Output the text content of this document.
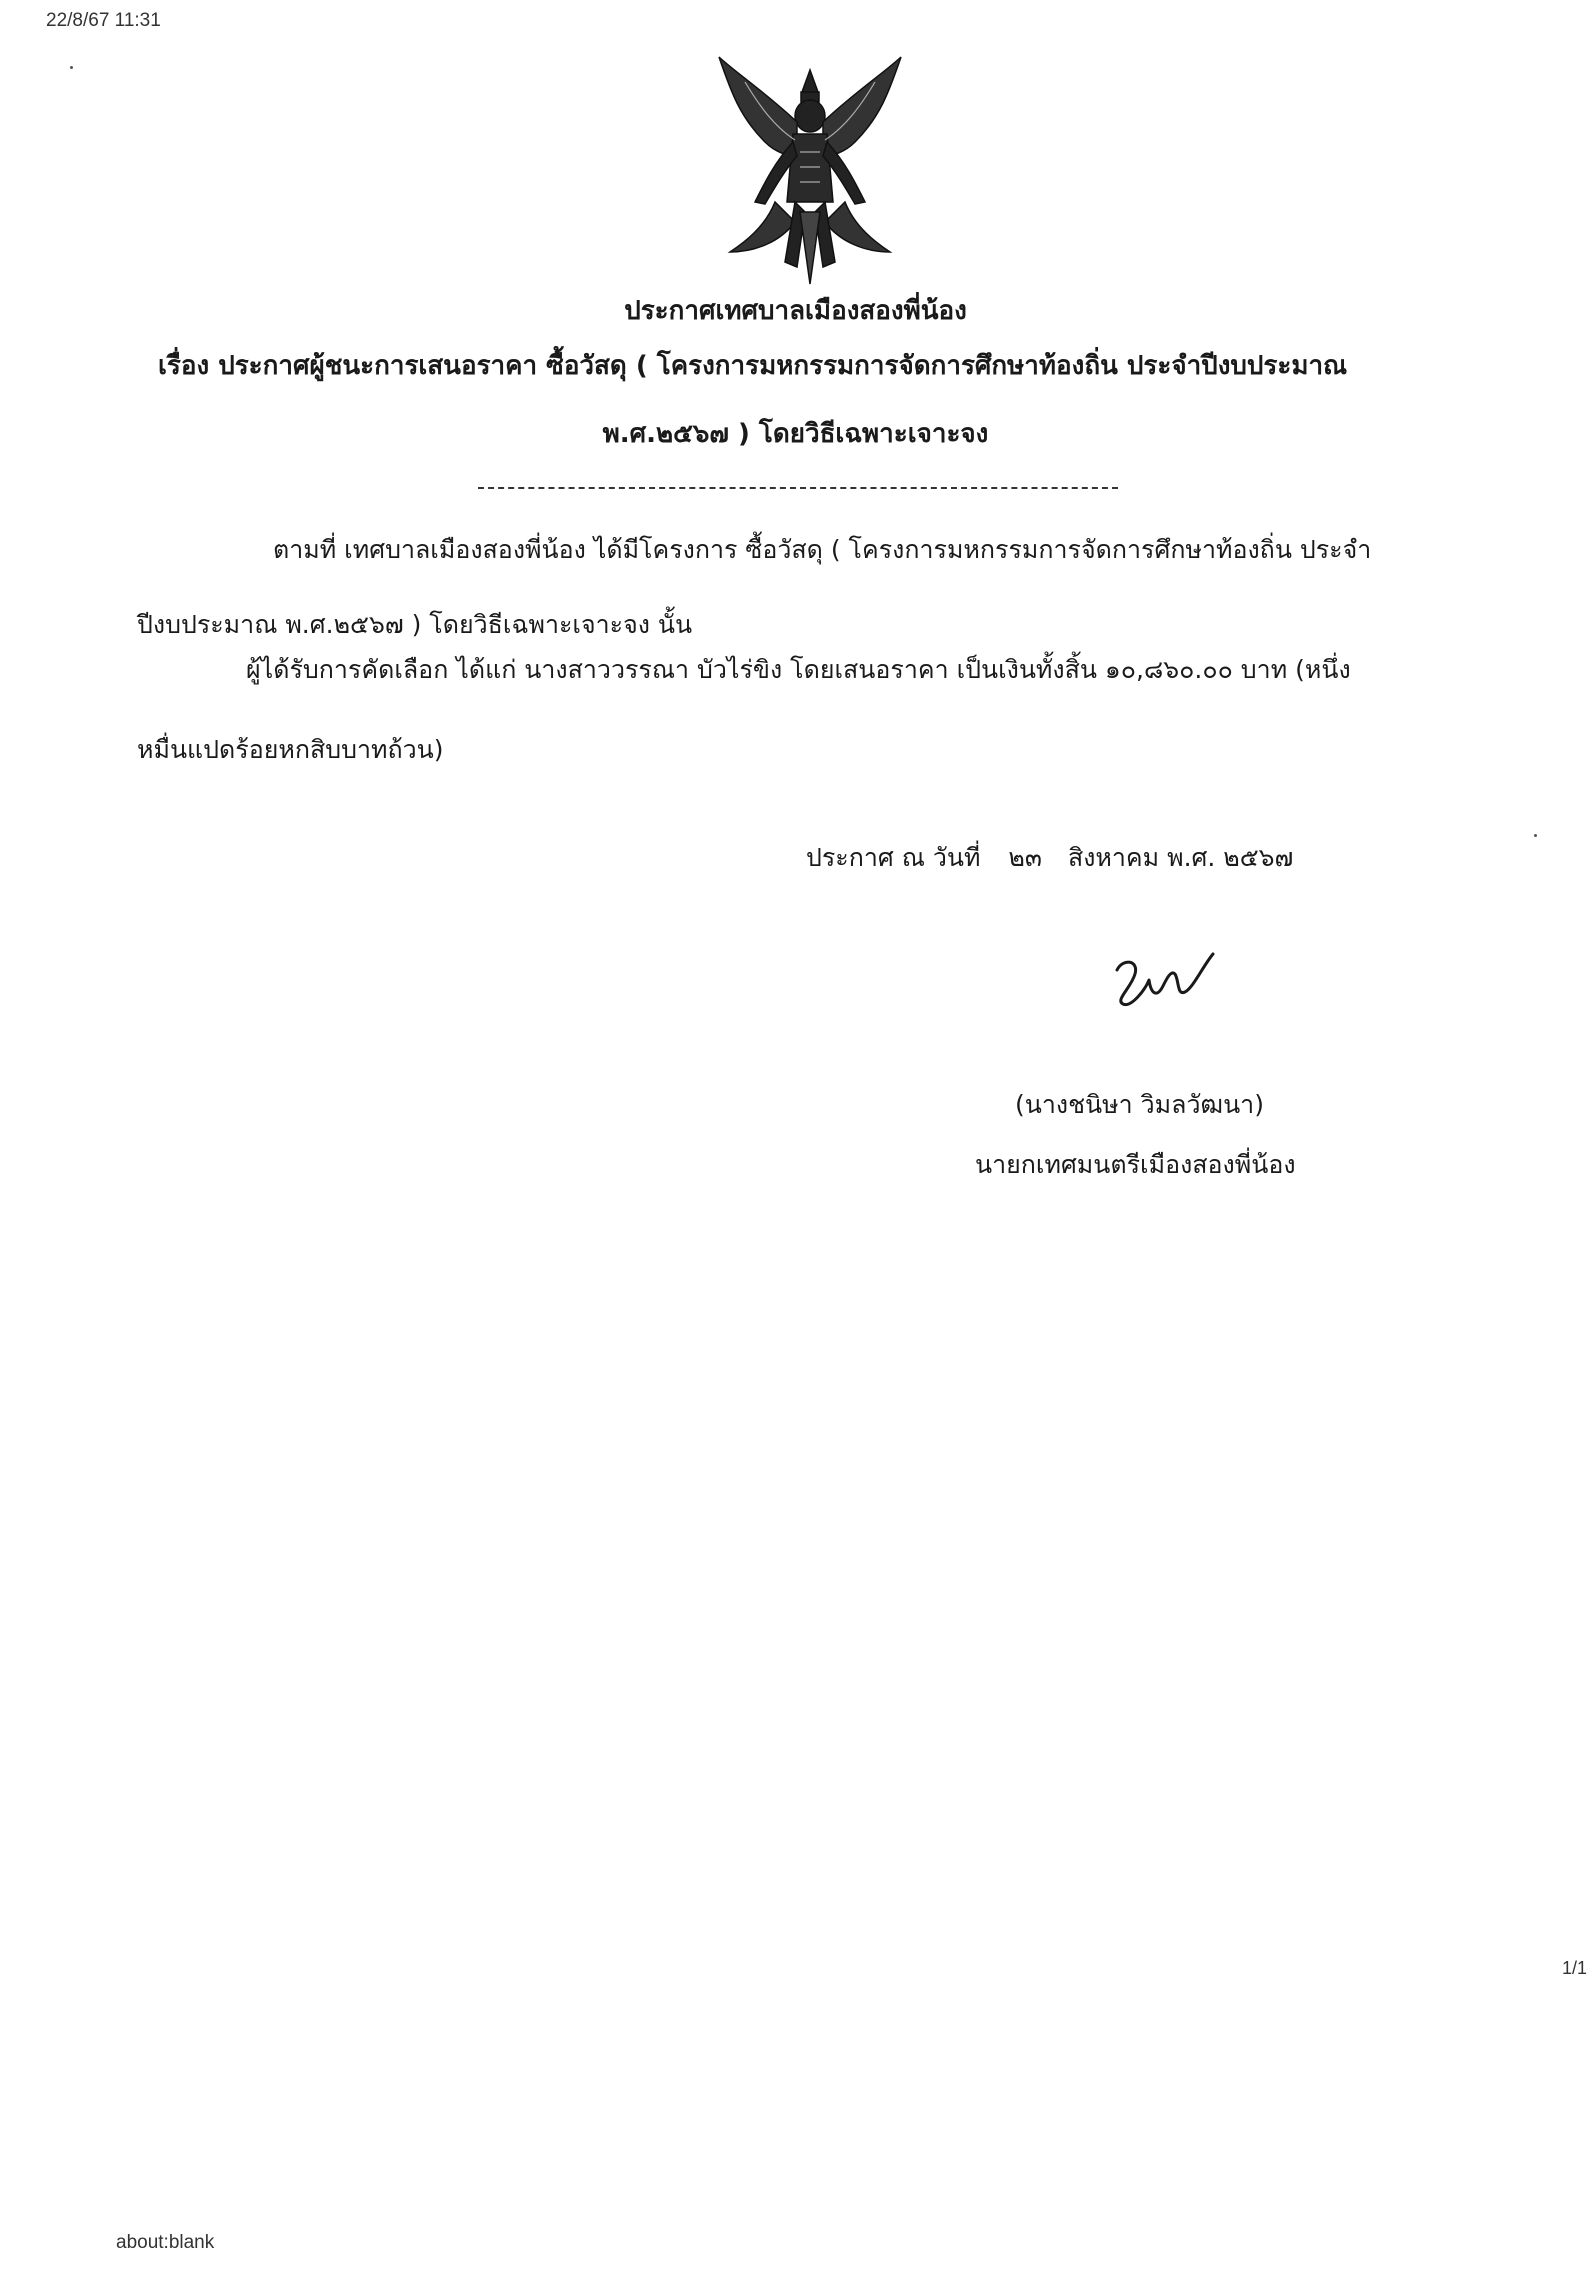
22/8/67 11:31
ประกาศเทศบาลเมืองสองพี่น้อง
เรื่อง ประกาศผู้ชนะการเสนอราคา ซื้อวัสดุ ( โครงการมหกรรมการจัดการศึกษาท้องถิ่น ประจำปีงบประมาณ
พ.ศ.๒๕๖๗ ) โดยวิธีเฉพาะเจาะจง
ตามที่ เทศบาลเมืองสองพี่น้อง ได้มีโครงการ ซื้อวัสดุ ( โครงการมหกรรมการจัดการศึกษาท้องถิ่น ประจำ
ปีงบประมาณ พ.ศ.๒๕๖๗ ) โดยวิธีเฉพาะเจาะจง นั้น
ผู้ได้รับการคัดเลือก ได้แก่ นางสาววรรณา บัวไร่ขิง โดยเสนอราคา เป็นเงินทั้งสิ้น ๑๐,๘๖๐.๐๐ บาท (หนึ่ง
หมื่นแปดร้อยหกสิบบาทถ้วน)
ประกาศ ณ วันที่ ๒๓ สิงหาคม พ.ศ. ๒๕๖๗
(นางชนิษา วิมลวัฒนา)
นายกเทศมนตรีเมืองสองพี่น้อง
1/1
about:blank
